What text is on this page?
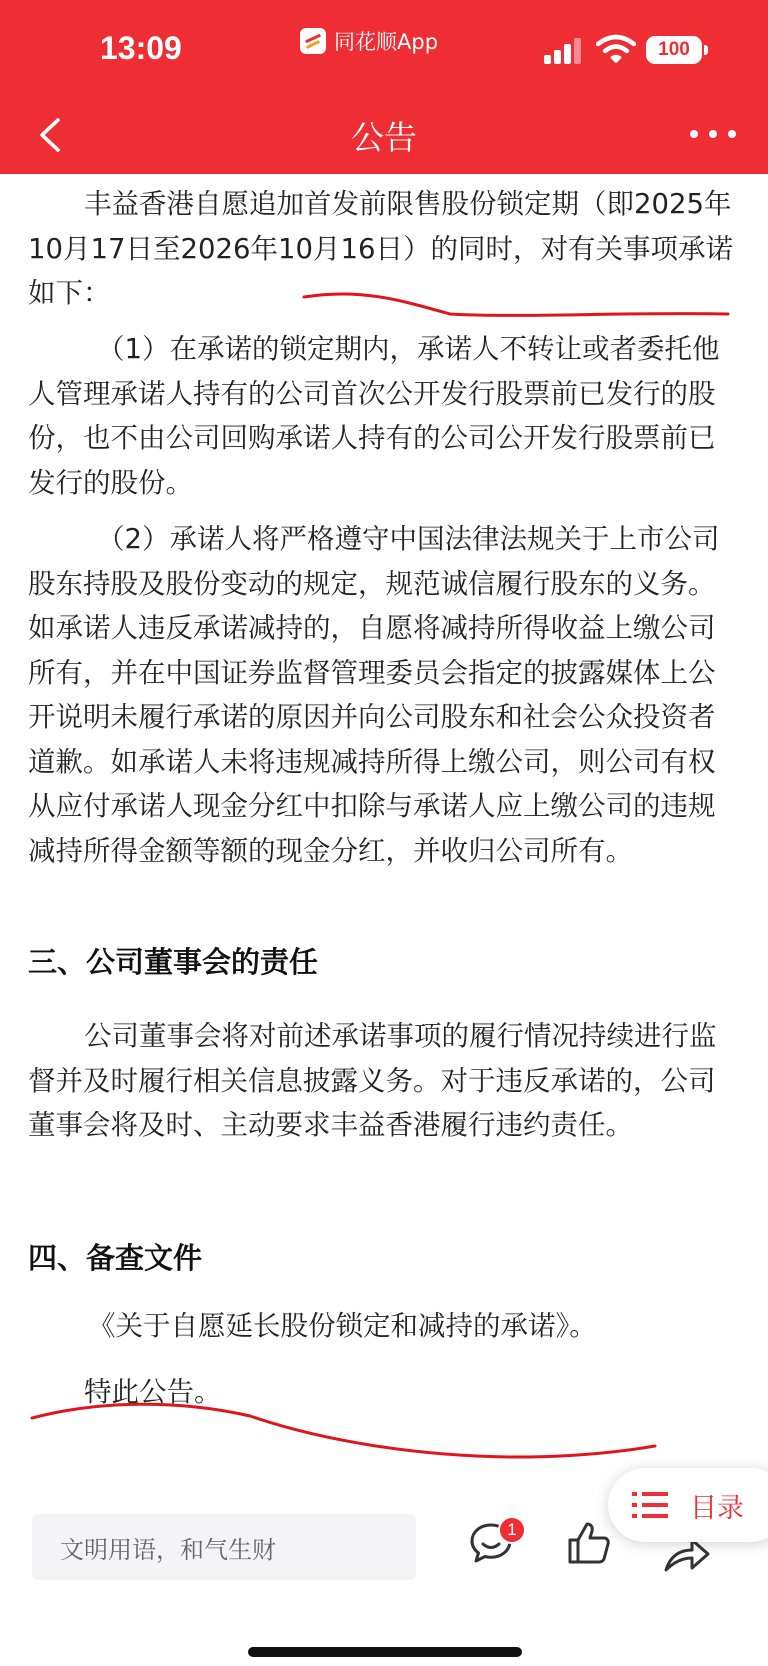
13:09	同花顺App	100
公告

丰益香港自愿追加首发前限售股份锁定期（即2025年10月17日至2026年10月16日）的同时，对有关事项承诺如下：

（1）在承诺的锁定期内，承诺人不转让或者委托他人管理承诺人持有的公司首次公开发行股票前已发行的股份，也不由公司回购承诺人持有的公司公开发行股票前已发行的股份。

（2）承诺人将严格遵守中国法律法规关于上市公司股东持股及股份变动的规定，规范诚信履行股东的义务。如承诺人违反承诺减持的，自愿将减持所得收益上缴公司所有，并在中国证券监督管理委员会指定的披露媒体上公开说明未履行承诺的原因并向公司股东和社会公众投资者道歉。如承诺人未将违规减持所得上缴公司，则公司有权从应付承诺人现金分红中扣除与承诺人应上缴公司的违规减持所得金额等额的现金分红，并收归公司所有。

三、公司董事会的责任

公司董事会将对前述承诺事项的履行情况持续进行监督并及时履行相关信息披露义务。对于违反承诺的，公司董事会将及时、主动要求丰益香港履行违约责任。

四、备查文件

《关于自愿延长股份锁定和减持的承诺》。

特此公告。

文明用语，和气生财
1
目录
